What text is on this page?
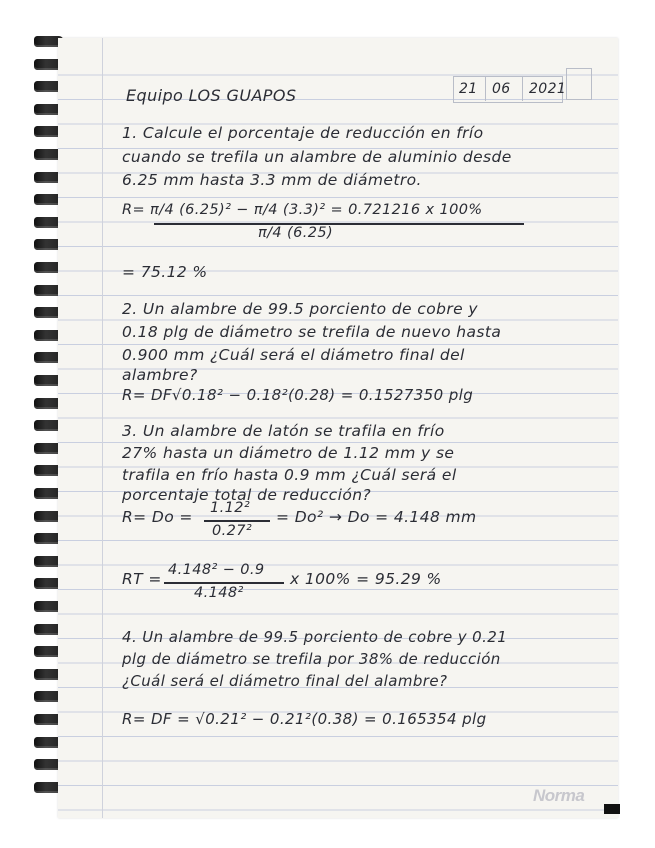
Equipo LOS GUAPOS	21 06 2021
1. Calcule el porcentaje de reducción en frío
cuando se trefila un alambre de aluminio desde
6.25 mm hasta 3.3 mm de diámetro.
R= π/4 (6.25)² − π/4 (3.3)² = 0.721216 x 100%
π/4 (6.25)
= 75.12 %
2. Un alambre de 99.5 porciento de cobre y
0.18 plg de diámetro se trefila de nuevo hasta
0.900 mm ¿Cuál será el diámetro final del
alambre?
R= DF√0.18² − 0.18²(0.28) = 0.1527350 plg
3. Un alambre de latón se trafila en frío
27% hasta un diámetro de 1.12 mm y se
trafila en frío hasta 0.9 mm ¿Cuál será el
porcentaje total de reducción?
R= Do = 1.12²
0.27²
= Do² → Do = 4.148 mm
RT = 4.148² − 0.9
4.148²
x 100% = 95.29 %
4. Un alambre de 99.5 porciento de cobre y 0.21
plg de diámetro se trefila por 38% de reducción
¿Cuál será el diámetro final del alambre?
R= DF = √0.21² − 0.21²(0.38) = 0.165354 plg
Norma
